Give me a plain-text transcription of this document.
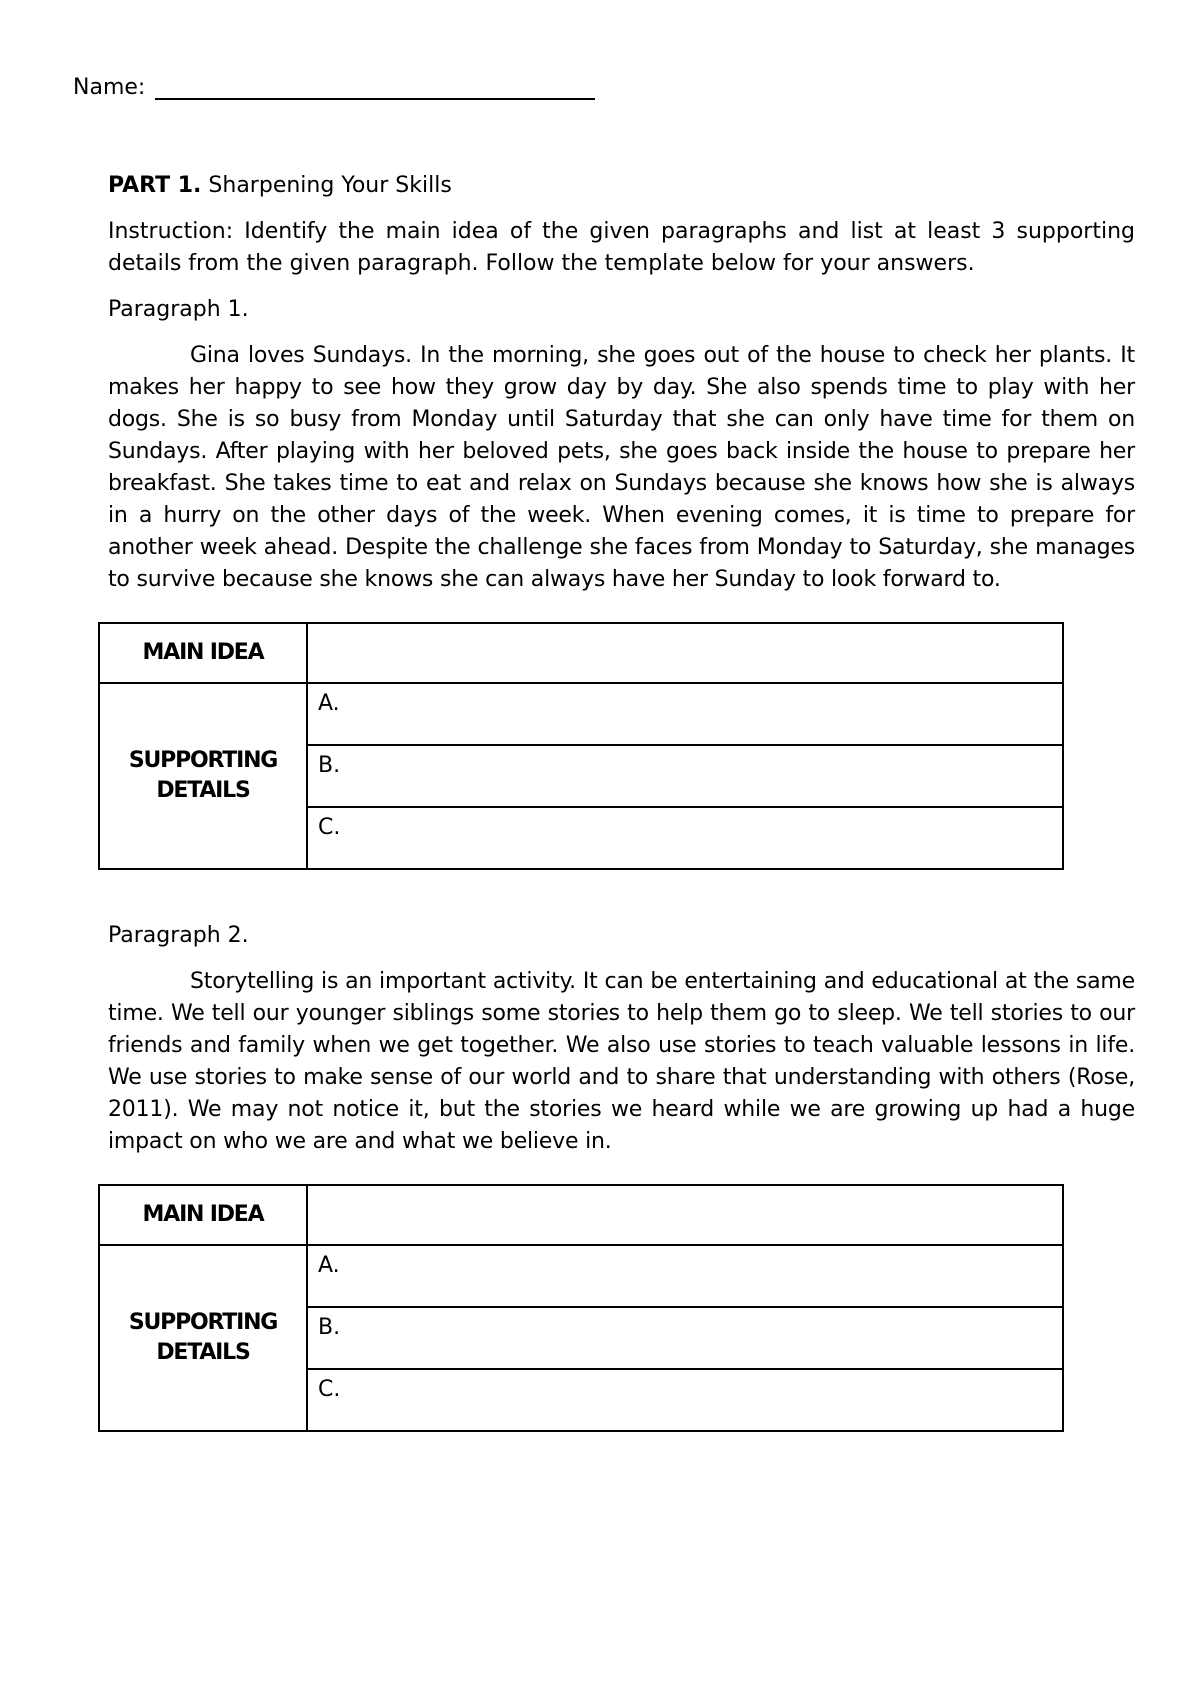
Name:

PART 1. Sharpening Your Skills

Instruction: Identify the main idea of the given paragraphs and list at least 3 supporting details from the given paragraph. Follow the template below for your answers.

Paragraph 1.

Gina loves Sundays. In the morning, she goes out of the house to check her plants. It makes her happy to see how they grow day by day. She also spends time to play with her dogs. She is so busy from Monday until Saturday that she can only have time for them on Sundays. After playing with her beloved pets, she goes back inside the house to prepare her breakfast. She takes time to eat and relax on Sundays because she knows how she is always in a hurry on the other days of the week. When evening comes, it is time to prepare for another week ahead. Despite the challenge she faces from Monday to Saturday, she manages to survive because she knows she can always have her Sunday to look forward to.

MAIN IDEA	
SUPPORTING
DETAILS	A.
	B.
	C.

Paragraph 2.

Storytelling is an important activity. It can be entertaining and educational at the same time. We tell our younger siblings some stories to help them go to sleep. We tell stories to our friends and family when we get together. We also use stories to teach valuable lessons in life. We use stories to make sense of our world and to share that understanding with others (Rose, 2011). We may not notice it, but the stories we heard while we are growing up had a huge impact on who we are and what we believe in.

MAIN IDEA	
SUPPORTING
DETAILS	A.
	B.
	C.
